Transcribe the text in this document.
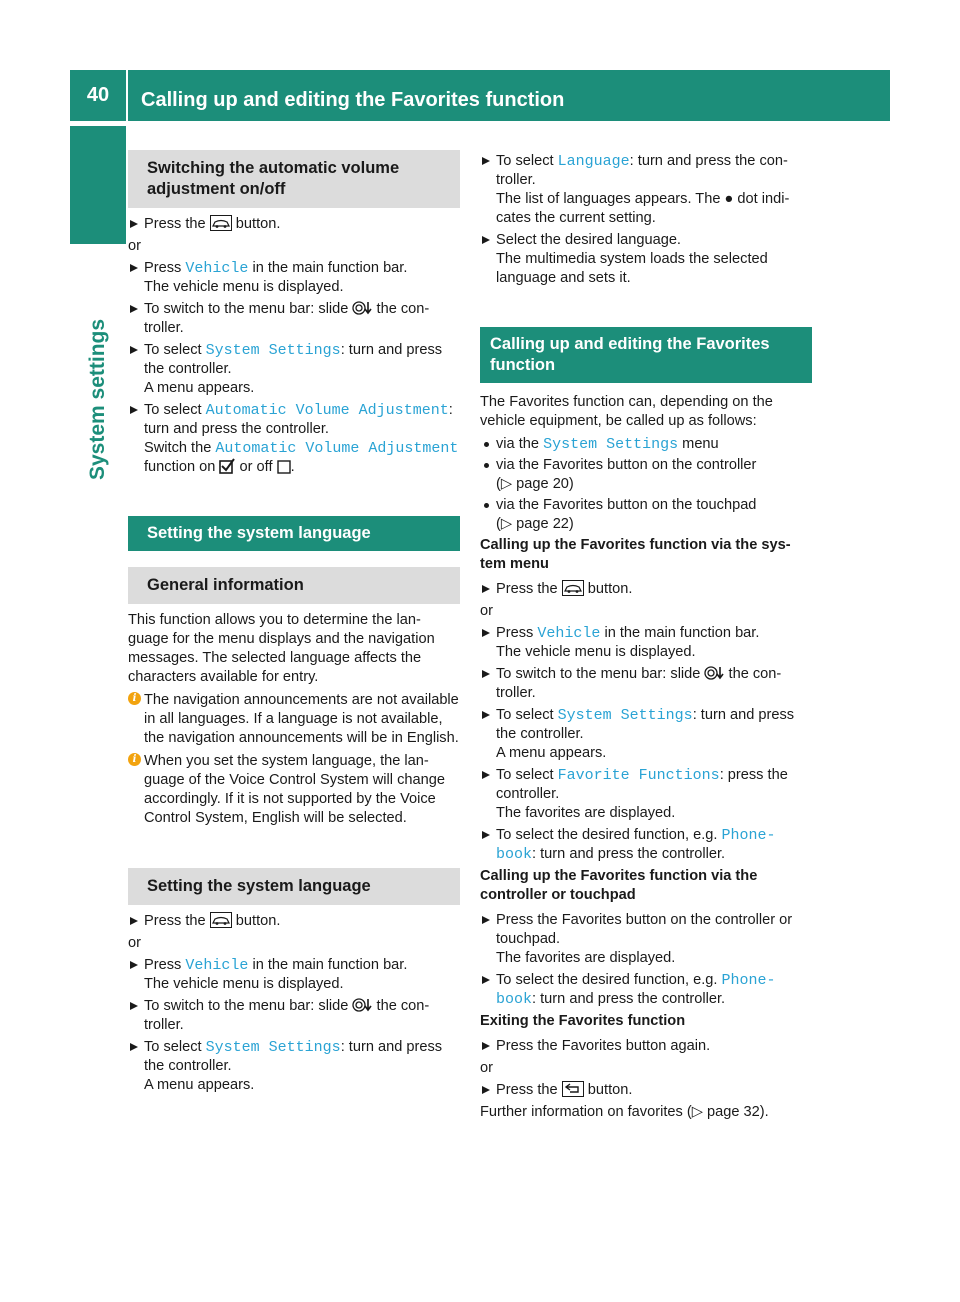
40	Calling up and editing the Favorites function
System settings
Switching the automatic volume adjustment on/off
Press the button.
or
Press Vehicle in the main function bar.
The vehicle menu is displayed.
To switch to the menu bar: slide the con-
troller.
To select System Settings: turn and press
the controller.
A menu appears.
To select Automatic Volume Adjustment:
turn and press the controller.
Switch the Automatic Volume Adjustment
function on or off .
Setting the system language
General information
This function allows you to determine the lan-guage for the menu displays and the navigation messages. The selected language affects the characters available for entry.
i The navigation announcements are not available in all languages. If a language is not available, the navigation announcements will be in English.
i When you set the system language, the lan-guage of the Voice Control System will change accordingly. If it is not supported by the Voice Control System, English will be selected.
Setting the system language
Press the button.
or
Press Vehicle in the main function bar.
The vehicle menu is displayed.
To switch to the menu bar: slide the con-
troller.
To select System Settings: turn and press
the controller.
A menu appears.
To select Language: turn and press the con-
troller.
The list of languages appears. The ● dot indi-
cates the current setting.
Select the desired language.
The multimedia system loads the selected language and sets it.
Calling up and editing the Favorites function
The Favorites function can, depending on the vehicle equipment, be called up as follows:
via the System Settings menu
via the Favorites button on the controller
(▷ page 20)
via the Favorites button on the touchpad
(▷ page 22)
Calling up the Favorites function via the sys-tem menu
Press the button.
or
Press Vehicle in the main function bar.
The vehicle menu is displayed.
To switch to the menu bar: slide the con-
troller.
To select System Settings: turn and press
the controller.
A menu appears.
To select Favorite Functions: press the
controller.
The favorites are displayed.
To select the desired function, e.g. Phone‐
book: turn and press the controller.
Calling up the Favorites function via the controller or touchpad
Press the Favorites button on the controller or touchpad.
The favorites are displayed.
To select the desired function, e.g. Phone‐
book: turn and press the controller.
Exiting the Favorites function
Press the Favorites button again.
or
Press the button.
Further information on favorites (▷ page 32).
